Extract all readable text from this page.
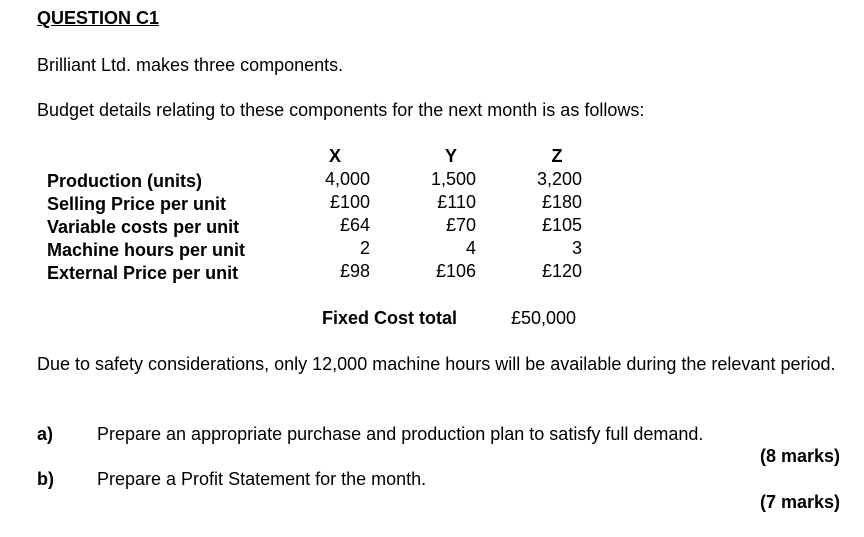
QUESTION C1
Brilliant Ltd. makes three components.
Budget details relating to these components for the next month is as follows:
Production (units)
Selling Price per unit
Variable costs per unit
Machine hours per unit
External Price per unit
X
4,000
£100
£64
2
£98
Y
1,500
£110
£70
4
£106
Z
3,200
£180
£105
3
£120
Fixed Cost total	£50,000
Due to safety considerations, only 12,000 machine hours will be available during the relevant period.
a) Prepare an appropriate purchase and production plan to satisfy full demand.
(8 marks)
b) Prepare a Profit Statement for the month.
(7 marks)
